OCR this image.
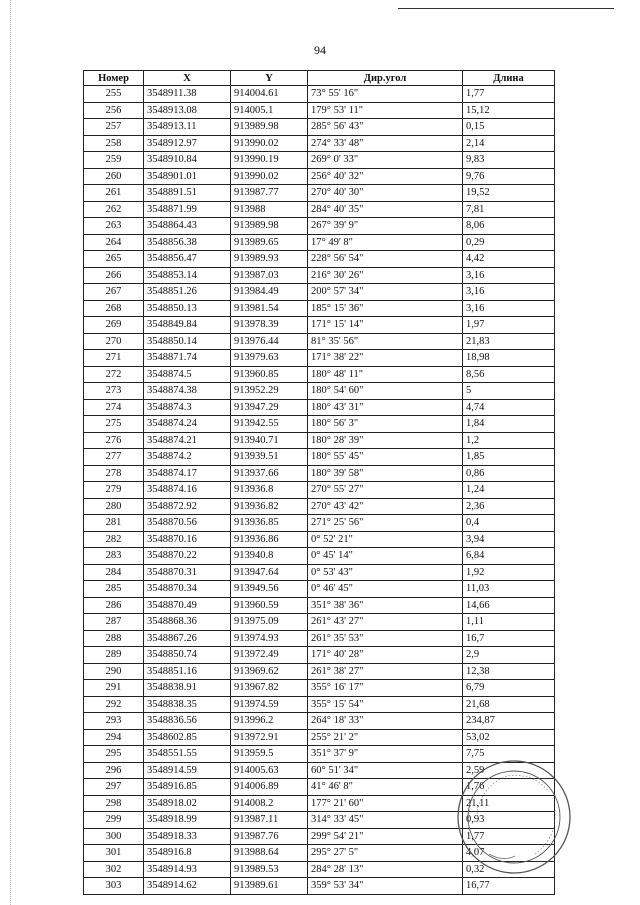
94
Номер	X	Y	Дир.угол	Длина
255	3548911.38	914004.61	73° 55' 16"	1,77
256	3548913.08	914005.1	179° 53' 11"	15,12
257	3548913.11	913989.98	285° 56' 43"	0,15
258	3548912.97	913990.02	274° 33' 48"	2,14
259	3548910.84	913990.19	269° 0' 33"	9,83
260	3548901.01	913990.02	256° 40' 32"	9,76
261	3548891.51	913987.77	270° 40' 30"	19,52
262	3548871.99	913988	284° 40' 35"	7,81
263	3548864.43	913989.98	267° 39' 9"	8,06
264	3548856.38	913989.65	17° 49' 8"	0,29
265	3548856.47	913989.93	228° 56' 54"	4,42
266	3548853.14	913987.03	216° 30' 26"	3,16
267	3548851.26	913984.49	200° 57' 34"	3,16
268	3548850.13	913981.54	185° 15' 36"	3,16
269	3548849.84	913978.39	171° 15' 14"	1,97
270	3548850.14	913976.44	81° 35' 56"	21,83
271	3548871.74	913979.63	171° 38' 22"	18,98
272	3548874.5	913960.85	180° 48' 11"	8,56
273	3548874.38	913952.29	180° 54' 60"	5
274	3548874.3	913947.29	180° 43' 31"	4,74
275	3548874.24	913942.55	180° 56' 3"	1,84
276	3548874.21	913940.71	180° 28' 39"	1,2
277	3548874.2	913939.51	180° 55' 45"	1,85
278	3548874.17	913937.66	180° 39' 58"	0,86
279	3548874.16	913936.8	270° 55' 27"	1,24
280	3548872.92	913936.82	270° 43' 42"	2,36
281	3548870.56	913936.85	271° 25' 56"	0,4
282	3548870.16	913936.86	0° 52' 21"	3,94
283	3548870.22	913940.8	0° 45' 14"	6,84
284	3548870.31	913947.64	0° 53' 43"	1,92
285	3548870.34	913949.56	0° 46' 45"	11,03
286	3548870.49	913960.59	351° 38' 36"	14,66
287	3548868.36	913975.09	261° 43' 27"	1,11
288	3548867.26	913974.93	261° 35' 53"	16,7
289	3548850.74	913972.49	171° 40' 28"	2,9
290	3548851.16	913969.62	261° 38' 27"	12,38
291	3548838.91	913967.82	355° 16' 17"	6,79
292	3548838.35	913974.59	355° 15' 54"	21,68
293	3548836.56	913996.2	264° 18' 33"	234,87
294	3548602.85	913972.91	255° 21' 2"	53,02
295	3548551.55	913959.5	351° 37' 9"	7,75
296	3548914.59	914005.63	60° 51' 34"	2,59
297	3548916.85	914006.89	41° 46' 8"	1,76
298	3548918.02	914008.2	177° 21' 60"	21,11
299	3548918.99	913987.11	314° 33' 45"	0,93
300	3548918.33	913987.76	299° 54' 21"	1,77
301	3548916.8	913988.64	295° 27' 5"	4,07
302	3548914.93	913989.53	284° 28' 13"	0,32
303	3548914.62	913989.61	359° 53' 34"	16,77
